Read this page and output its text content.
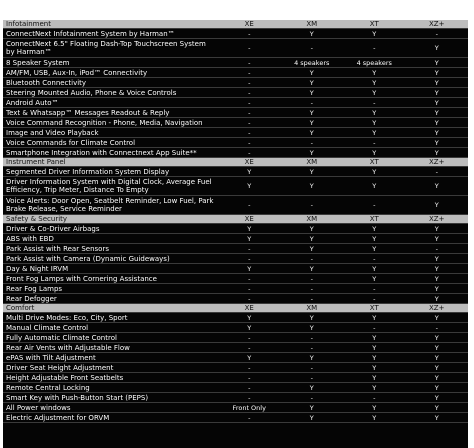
Infotainment	XE	XM	XT	XZ+
ConnectNext Infotainment System by Harman™	-	Y	Y	-
ConnectNext 6.5" Floating Dash-Top Touchscreen System by Harman™	-	-	-	Y
8 Speaker System	-	4 speakers	4 speakers	Y
AM/FM, USB, Aux-In, iPod™ Connectivity	-	Y	Y	Y
Bluetooth Connectivity	-	Y	Y	Y
Steering Mounted Audio, Phone & Voice Controls	-	Y	Y	Y
Android Auto™	-	-	-	Y
Text & Whatsapp™ Messages Readout & Reply	-	Y	Y	Y
Voice Command Recognition - Phone, Media, Navigation	-	Y	Y	Y
Image and Video Playback	-	Y	Y	Y
Voice Commands for Climate Control	-	-	-	Y
Smartphone Integration with Connectnext App Suite**	-	Y	Y	Y
Instrument Panel	XE	XM	XT	XZ+
Segmented Driver Information System Display	Y	Y	Y	-
Driver Information System with Digital Clock, Average Fuel Efficiency, Trip Meter, Distance To Empty	Y	Y	Y	Y
Voice Alerts: Door Open, Seatbelt Reminder, Low Fuel, Park Brake Release, Service Reminder	-	-	-	Y
Safety & Security	XE	XM	XT	XZ+
Driver & Co-Driver Airbags	Y	Y	Y	Y
ABS with EBD	Y	Y	Y	Y
Park Assist with Rear Sensors	-	Y	Y	-
Park Assist with Camera (Dynamic Guideways)	-	-	-	Y
Day & Night IRVM	Y	Y	Y	Y
Front Fog Lamps with Cornering Assistance	-	-	Y	Y
Rear Fog Lamps	-	-	-	Y
Rear Defogger	-	-	-	Y
Comfort	XE	XM	XT	XZ+
Multi Drive Modes: Eco, City, Sport	Y	Y	Y	Y
Manual Climate Control	Y	Y	-	-
Fully Automatic Climate Control	-	-	Y	Y
Rear Air Vents with Adjustable Flow	-	-	Y	Y
ePAS with Tilt Adjustment	Y	Y	Y	Y
Driver Seat Height Adjustment	-	-	Y	Y
Height Adjustable Front Seatbelts	-	-	Y	Y
Remote Central Locking	-	Y	Y	Y
Smart Key with Push-Button Start (PEPS)	-	-	-	Y
All Power windows	Front Only	Y	Y	Y
Electric Adjustment for ORVM	-	Y	Y	Y
